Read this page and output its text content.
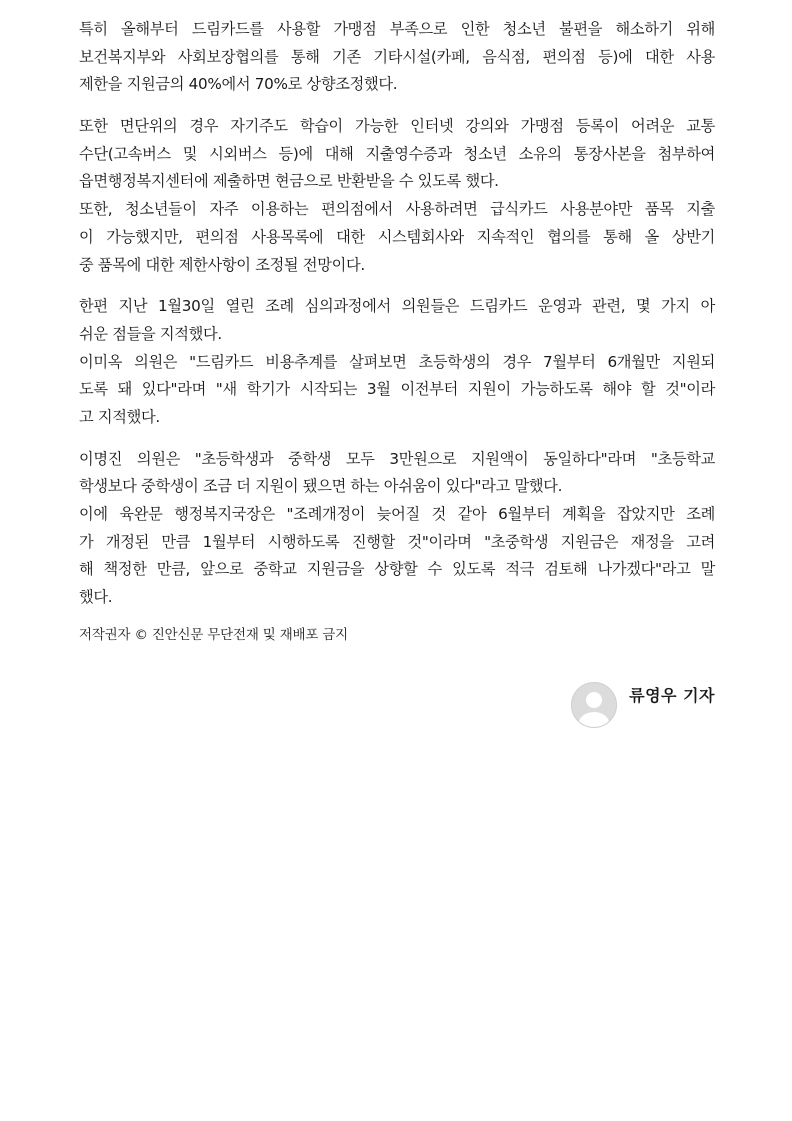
특히 올해부터 드림카드를 사용할 가맹점 부족으로 인한 청소년 불편을 해소하기 위해
보건복지부와 사회보장협의를 통해 기존 기타시설(카페, 음식점, 편의점 등)에 대한 사용
제한을 지원금의 40%에서 70%로 상향조정했다.
또한 면단위의 경우 자기주도 학습이 가능한 인터넷 강의와 가맹점 등록이 어려운 교통
수단(고속버스 및 시외버스 등)에 대해 지출영수증과 청소년 소유의 통장사본을 첨부하여
읍면행정복지센터에 제출하면 현금으로 반환받을 수 있도록 했다.
또한, 청소년들이 자주 이용하는 편의점에서 사용하려면 급식카드 사용분야만 품목 지출
이 가능했지만, 편의점 사용목록에 대한 시스템회사와 지속적인 협의를 통해 올 상반기
중 품목에 대한 제한사항이 조정될 전망이다.
한편 지난 1월30일 열린 조례 심의과정에서 의원들은 드림카드 운영과 관련, 몇 가지 아
쉬운 점들을 지적했다.
이미옥 의원은 "드림카드 비용추계를 살펴보면 초등학생의 경우 7월부터 6개월만 지원되
도록 돼 있다"라며 "새 학기가 시작되는 3월 이전부터 지원이 가능하도록 해야 할 것"이라
고 지적했다.
이명진 의원은 "초등학생과 중학생 모두 3만원으로 지원액이 동일하다"라며 "초등학교
학생보다 중학생이 조금 더 지원이 됐으면 하는 아쉬움이 있다"라고 말했다.
이에 육완문 행정복지국장은 "조례개정이 늦어질 것 같아 6월부터 계획을 잡았지만 조례
가 개정된 만큼 1월부터 시행하도록 진행할 것"이라며 "초중학생 지원금은 재정을 고려
해 책정한 만큼, 앞으로 중학교 지원금을 상향할 수 있도록 적극 검토해 나가겠다"라고 말
했다.
저작권자 © 진안신문 무단전재 및 재배포 금지
류영우 기자
